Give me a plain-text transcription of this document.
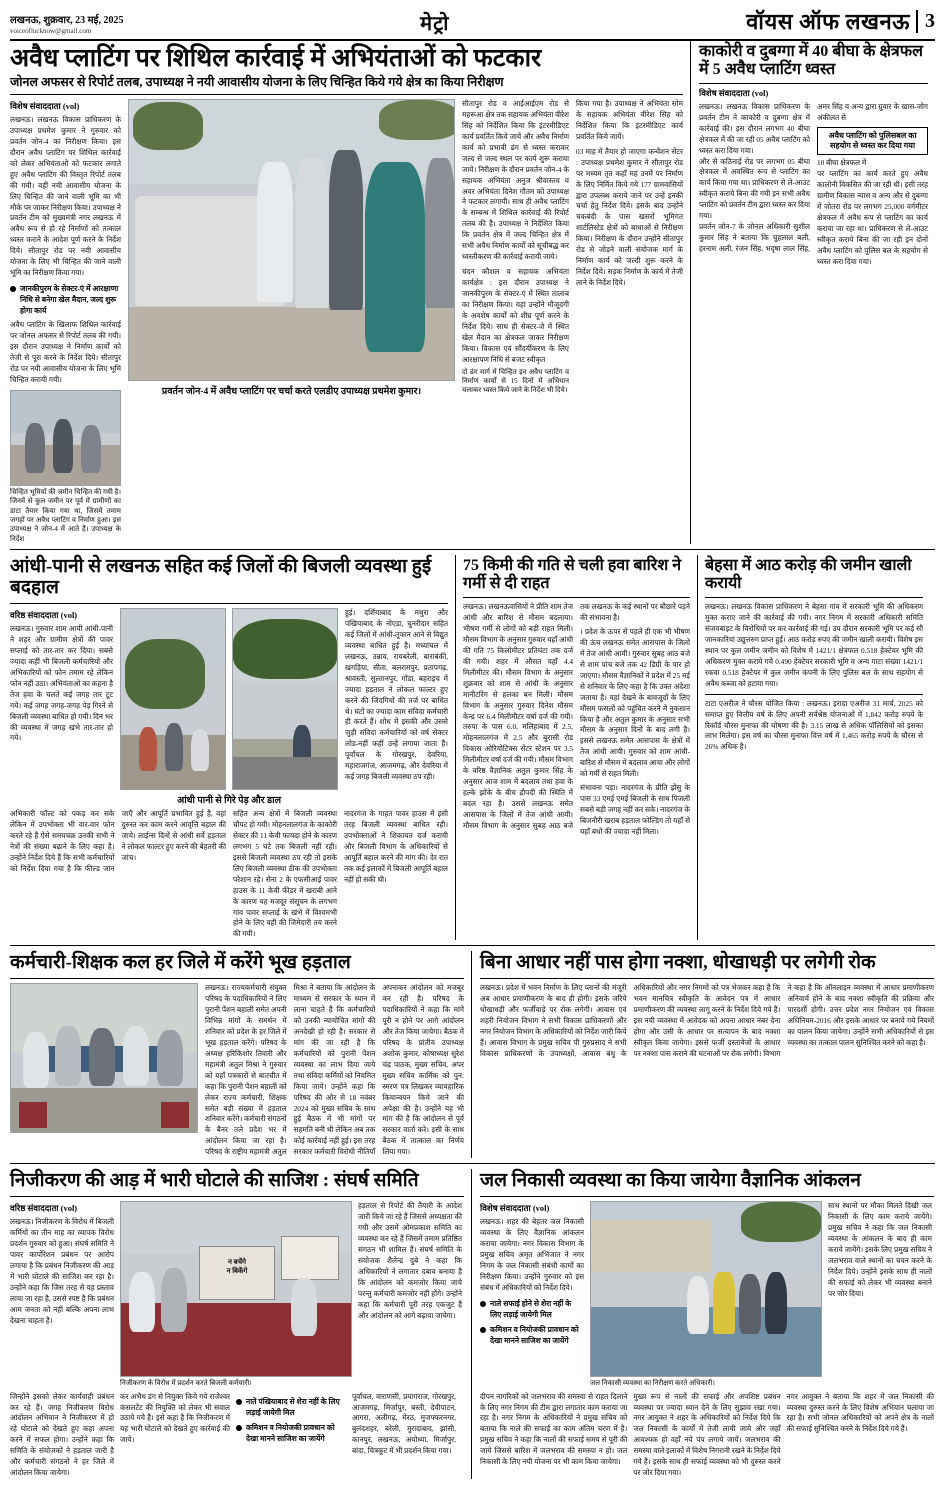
लखनऊ, शुक्रवार, 23 मई, 2025
voiceoflucknow@gmail.com	मेट्रो	वॉयस ऑफ लखनऊ 3
अवैध प्लाटिंग पर शिथिल कार्रवाई में अभियंताओं को फटकार
जोनल अफसर से रिपोर्ट तलब, उपाध्यक्ष ने नयी आवासीय योजना के लिए चिन्हित किये गये क्षेत्र का किया निरीक्षण
विशेष संवाददाता (vol)
लखनऊ। लखनऊ विकास प्राधिकरण के उपाध्यक्ष प्रथमेश कुमार ने गुरुवार को प्रवर्तन जोन-4 का निरीक्षण किया। इस दौरान अवैध प्लाटिंग पर शिथिल कार्रवाई को लेकर अभियंताओं को फटकार लगाते हुए अवैध प्लाटिंग की विस्तृत रिपोर्ट तलब की गयी। वहीं नयी आवासीय योजना के लिए चिन्हित की जाने वाली भूमि का भी मौके पर जाकर निरीक्षण किया। उपाध्यक्ष ने प्रवर्तन टीम को मुख्यमंत्री नगर लखनऊ में अवैध रूप से हो रहे निर्माणों को तत्काल ध्वस्त कराने के आदेश पूर्ण करने के निर्देश दिये। सीतापुर रोड पर नयी आवासीय योजना के लिए भी चिन्हित की जाने वाली भूमि का निरीक्षण किया गया।
जानकीपुरम के सेक्टर-एं में आरक्षाणा निधि से बनेगा खेल मैदान, जल्द शुरू होगा कार्य
अवैध प्लाटिंग के खिलाफ शिथिल कार्रवाई पर जोनल अफसर से रिपोर्ट तलब की गयी। इस दौरान उपाध्यक्ष ने निर्माण कार्यों को तेजी से पूरा करने के निर्देश दिये। सीतापुर रोड पर नयी आवासीय योजना के लिए भूमि चिन्हित करायी गयी।
चिन्हित भूमियों की जमीन चिन्हित की गयी है। जिनमें से कुल जमीन पर पूर्व में ग्रामीणों का डाटा तैयार किया गया था, जिसमें तमाम जगहों पर अवैध प्लाटिंग व निर्माण हुआ। इस उपाध्यक्ष ने जोन-4 में आते हैं। उपाध्यक्ष के निर्देश
प्रवर्तन जोन-4 में अवैध प्लाटिंग पर चर्चा करते एलडीए उपाध्यक्ष प्रथमेश कुमार।
सीतापुर रोड व आईआईएम रोड से महरूआ क्षेत्र तक सहायक अभियंता वीरेश सिंह को निर्देशित किया कि इंटरमीडिएट कार्य प्रवर्तित किये जायें और अवैध निर्माण कार्य को प्रभावी ढंग से ध्वस्त कराकर जल्द से जल्द स्थल पर कार्य शुरू कराया जाये। निरीक्षण के दौरान प्रवर्तन जोन-4 के सहायक अभियंता अनुज श्रीवास्तव व अवर अभियंता दिनेश गौतम को उपाध्यक्ष ने फटकार लगायी। साथ ही अवैध प्लाटिंग के सम्बन्ध में शिथिल कार्रवाई की रिपोर्ट तलब की है। उपाध्यक्ष ने निर्देशित किया कि प्रवर्तन क्षेत्र में जल्द चिन्हित क्षेत्र में सभी अवैध निर्माण कार्यों को सूचीबद्ध कर ध्वस्तीकरण की कार्रवाई करायी जाये।
चंदन कौशल व सहायक अभियंता कार्यक्षेत्र : इस दौरान उपाध्यक्ष ने जानकीपुरम के सेक्टर-एं में स्थित तालाब का निरीक्षण किया। यहां उन्होंने मौजूदगी के अवशेष कार्यों को शीघ्र पूर्ण करने के निर्देश दिये। साथ ही सेक्टर-जे में स्थित खेल मैदान का क्षेत्रफल जाकर निरीक्षण किया। विकास एवं सौंदर्यीकरण के लिए आरक्षापण निधि से बजट स्वीकृत
दो ढंग मार्ग में चिन्हित इन अवैध प्लाटिंग व निर्माण कार्यों से 15 दिनों में अभियान चलाकर ध्वस्त किये जाने के निर्देश भी दिये।
किया गया है। उपाध्यक्ष ने अभियंता सोम के सहायक अभियंता वीरेश सिंह को निर्देशित किया कि इंटरमीडिएट कार्य प्रवर्तित किये जायें।
03 माह में तैयार हो जाएगा कन्वेंशन सेंटर : उपाध्यक्ष प्रथमेश कुमार ने सीतापुर रोड पर मध्यम तृत कहाँ महं उनमें पर निर्माण के लिए निर्मित किये गये 177 ग्रामवासियों द्वारा उपलब्ध कराये जाने पर उन्हें इनकी चर्चा हेतु निर्देश दिये। इसके बाद उन्होंने चकबंदी के पास खसरों भूमिगत शार्टलिस्टेड क्षेत्रों को बाधाओं से निरीक्षण किया। निरीक्षण के दौरान उन्होंने सीतापुर रोड से जोड़ने वाली संयोजक मार्ग के निर्माण कार्य को जल्दी शुरू करने के निर्देश दिये। सड़क निर्माण के कार्य में तेजी लाने के निर्देश दिये।
काकोरी व दुबग्गा में 40 बीघा के क्षेत्रफल में 5 अवैध प्लाटिंग ध्वस्त
विशेष संवाददाता (vol)
लखनऊ। लखनऊ विकास प्राधिकरण के प्रवर्तन टीम ने काकोरी व दुबग्गा क्षेत्र में कार्रवाई की। इस दौरान लगभग 40 बीघा क्षेत्रफल में की जा रही 05 अवैध प्लाटिंग को ध्वस्त करा दिया गया।
और से कठिनाई रोड पर लगभग 05 बीघा क्षेत्रफल में अवस्थित रूप से प्लाटिंग का कार्य किया गया था। प्राधिकरण से ले-आउट स्वीकृत कराये बिना की गयी इन सभी अवैध प्लाटिंग को प्रवर्तन टीम द्वारा ध्वस्त कर दिया गया।
प्रवर्तन जोन-7 के जोनल अधिकारी सुशील कुमार सिंह ने बताया कि चुहलाल बली, हरनाम अली, रंजन सिंह, भदृषा लाल सिंह, अमर सिंह व अन्य द्वारा ग्रुवार के खास-जोग अंकीलत से
अवैध प्लाटिंग को पुलिसबल का सहयोग से ध्वस्त कर दिया गया
10 बीघा क्षेत्रफल में
पर प्लाटिंग का कार्य करते हुए अवैध कालोनी विकसित की जा रही थी। इसी तरह ग्रामीण विकास न्यास व अन्य और से दुबग्गा में जोतरा रोड पर लगभग 25,000 वर्गमीटर क्षेत्रफल में अवैध रूप से प्लाटिंग का कार्य कराया जा रहा था। प्राधिकरण से ले-आउट स्वीकृत कराये बिना की जा रही इन दोनों अवैध प्लाटिंग को पुलिस बल के सहयोग से ध्वस्त करा दिया गया।
आंधी-पानी से लखनऊ सहित कई जिलों की बिजली व्यवस्था हुई बदहाल
वरिष्ठ संवाददाता (vol)
लखनऊ। गुरुवार शाम आयी आंधी-पानी ने शहर और ग्रामीण क्षेत्रों की पावर सप्लाई को तार-तार कर दिया। सबसे ज्यादा कहीं भी बिजली कर्मचारियों और अभिकारियों को फोन तमाम रहे लेकिन फोन नहीं उठा। अभियंताओं का कहना है तेज हवा के चलते कई जगह तार टूट गये। कई जगह जगह-जगह पेड़ गिरने से बिजली व्यवस्था बाधित हो गयी। दिन भर की व्यवस्था में जगह खंभे तार-तार हो गये।
आंधी पानी से गिरे पेड़ और डाल
हुई। दर्शियाबाद के मथुरा और पंखियाबाद के नोएडा, चुनरीदार सहित कई जिलों में आंधी-तूफान आने से विद्युत व्यवस्था बाधित हुई है। मध्यांचल में लखनऊ, उन्नाव, रायबरेली, बाराबंकी, खगड़िया, सीता, बलरामपुर, प्रतापगढ़, श्रावस्ती, सुल्तानपुर, गोंडा, बहराइच में ज्यादा हड़ताल ने लोकल फाल्टर हुए करने की जिंदगियों की तर्ज पर बाधित थे। घंटों का ज्यादा काम संविदा कर्मचारी ही करते हैं। शोध में इसकी और उससे जुड़ी संविदा कर्मचारियों को वर्ष सेक्टर लोड-नहीं कहीं उन्हें लगाया जाता है। पूर्वांचल के गोरखपुर, देवरिया, महाराजगंज, आजमगढ़, और देवरिया में कई जगह बिजली व्यवस्था ठप रही।
अभिकारी फॉल्ट को पकड़ कर सके लेकिन में उपभोक्ता भी वार-वार फोन करते रहे हैं ऐसे समयचक्र उनकी सभी ने नेत्रों की संख्या बढ़ाने के लिए कहा है। उन्होंने निर्देश दिये हैं कि सभी कर्मचारियों को निर्देश दिया गया है कि फील्ड जान जाएँ और आपूर्ति प्रभावित हुई है, वहां दुरुस्त कर काम करने आवृत्ति बहाल की जाये। लाईन्स दिनों से आंधी सर्वे हड़ताल ने लोकल फाल्टर हुए करने की बेहतरी की जांच।
सहित अन्य क्षेत्रों में बिजली व्यवस्था चौपट हो गयी। मोहनलालगंज के काकोरी सेक्टर की 11 केवी फायदा होने के कारण लगभग 5 घंटे तक बिजली नहीं रही। इससे बिजली व्यवस्था ठप रही तो इसके लिए बिजली व्यवस्था ठीक की उपभोक्ता परेशान रहे। सेना 2 के एफसीआई पावर हाउस के 11 केवी फीडर में खराबी आने के कारण यह मजदूर संसूचन के लगभग गांव पावर सप्लाई के खंभे में विश्वमभी होने के लिए वही की जिमेदारी तय करने की गयी।
नादरगंज के गाहत पावर हाउस में इसी तरह बिजली व्यवस्था बाधित रही। उपभोक्ताओं ने शिकायत दर्ज करायी और बिजली विभाग के अधिकारियों से आपूर्ति बहाल करने की मांग की। देर रात तक कई इलाकों में बिजली आपूर्ति बहाल नहीं हो सकी थी।
75 किमी की गति से चली हवा बारिश ने गर्मी से दी राहत
लखनऊ। लखनऊवासियों ने प्रीति शाम तेज आंधी और बारिश से मौसम बदलाया। भीषण गर्मी से लोगों को बड़ी राहत मिली। मौसम विभाग के अनुसार गुरुवार यहाँ आंधी की गति 75 किलोमीटर प्रतिघंटा तक दर्ज की गयी। शहर में औसत यहाँ 4.4 मिलीमीटर की। मौसम विभाग के अनुसार शुक्रवार को शाम से आंधी के अनुसार मानीटरिंग से हलका बन मिली। मौसम विभाग के अनुसार गुरुवार दिनेश मौसम केन्द्र पर 6.4 मिलीमीटर वर्षा दर्ज की गयी। तरुपा के पास 6.0, मलिहाबाद में 2.5, मोहनलालगंज में 2.5 और बुरासी रोड विकास ओरियोटिक्स सेंटर स्टेशन पर 3.5 मिलीमीटर वर्षा दर्ज की गयी। मौसम विभाग के वरिष्ठ वैज्ञानिक अतुल कुमार सिंह के अनुसार आज शाम में बदलाव तथा हवा के हल्के झोंके के बीच द्रौपदी की स्थिति में बदल रहा है। उससे लखनऊ समेत आसपास के जिलों में तेज आंधी आयी। मौसम विभाग के अनुसार सुबह आठ बजे तक लखनऊ के कई स्थानों पर बौछारें पड़ने की संभावना है।
। प्रदेश के ऊपर से पहले ही एक भी भीषण की ऊंच लखनऊ समेत आसपास के जिलों में तेज आंधी आयी। गुरुवार सुबह आठ बजे से शाम पांच बजे तक 42 डिग्री के पार हो जाएगा। मौसम वैज्ञानिकों ने प्रदेश में 25 मई से शनिवार के लिए कहा है कि उक्त अंदेशा जताया है। यहां देखने के बावजूदों के लिए मौसम फसलों को पहुंचित करने में नुकसान किया है और अतुल कुमार के अनुसार सभी मौसम के अनुसार दिनों के बाद लगी है। इससे लखनऊ समेत आसपास के क्षेत्रों में तेज आंधी आयी। गुरुवार को शाम आंधी-बारिश से मौसम में बदलाव आया और लोगों को गर्मी से राहत मिली।
संभावना पड़ा। नादरगंज के प्रीति झेंसु के पास 33 एमई एमई बिजली के साथ पिजली सबसे बड़ी जगह नहीं कर सके। नादरगंज के बिजनौरी खराब हड़ताल फोल्डिंग तो यहाँ से यहाँ बंधों की ज्यादा नहीं मिला।
बेहसा में आठ करोड़ की जमीन खाली करायी
लखनऊ। लखनऊ विकास प्राधिकरण ने बेहसा गांव में सरकारी भूमि की अधिकरण मुक्त कराए जाने की कार्रवाई की गयी। नगर निगम में सरकारी अधिकारी समिति संजयबाइट के विरोधियों पर कर कार्रवाई की गई। उप दौरान सरकारी भूमि पर कई सौ जानकारियां उद्युत्तरुग प्राप्त हुईं। आठ करोड़ रुपए की जमीन खाली करायी। विशेष इस स्थान पर कुल जमीन जमीन को विशेष में 1421/1 क्षेत्रफल 0.518 हेक्टेयर भूमि की अधिकरण मुक्त कराये गये 0.490 हेक्टेयर सरकारी भूमि व अन्य गाटा संख्या 1421/1 रकवा 0.518 हेक्टेयर में कुल जमीन कंपनी के लिए पुलिस बल के साथ सहयोग से अवैध कब्जा को हटाया गया।
टाटा एअरीज ने चौरस योजित किया : लखनऊ। इरादा एअरीज 31 मार्च, 2025 को समाप्त हुए वित्तीय वर्ष के लिए अपनी सर्वश्रेष्ठ योजनाओं में 1,842 करोड़ रुपये के रिकॉर्ड चौरस मुनाफा की घोषणा की है। 3.15 लाख से अधिक पॉलिसियों को इसका लाभ मिलेगा। इस वर्ष का चौरस मुनाफा वित्त वर्ष में 1,465 करोड़ रुपये के चौरस से 26% अधिक है।
कर्मचारी-शिक्षक कल हर जिले में करेंगे भूख हड़ताल
लखनऊ। राज्यकर्मचारी संयुक्त परिषद के पदाधिकारियों ने लिए पुरानी पेंशन बहाली समेत अपनी विभिन्न मांगों के समर्थन में शनिवार को प्रदेश के हर जिले में भूख हड़ताल करेंगे। परिषद के अध्यक्ष हरिकिशोर तिवारी और महामंत्री अतुल मिश्रा ने गुरुवार को यहाँ पत्रकारों से बातचीत में कहा कि पुरानी पेंशन बहाली को लेकर राज्य कर्मचारी, शिक्षक समेत बड़ी संख्या में हड़ताल शनिवार करेंगे। कर्मचारी संगठनों के बैनर तले प्रदेश भर में आंदोलन किया जा रहा है। परिषद के राष्ट्रीय महामंत्री अतुल मिश्रा ने बताया कि आंदोलन के माध्यम से सरकार के ध्यान में लाना चाहते हैं कि कर्मचारियों को उनकी न्यायोचित मांगों की अनदेखी हो रही है। सरकार से मांग की जा रही है कि कर्मचारियों को पुरानी पेंशन व्यवस्था का लाभ दिया जाये तथा संविदा कर्मियों को नियमित किया जाये। उन्होंने कहा कि परिषद की ओर से 18 नवंबर 2024 को मुख्य सचिव के साथ हुई बैठक में भी मांगों पर सहमति बनी थी लेकिन अब तक कोई कार्रवाई नहीं हुई। इस तरह सरकार कर्मचारी विरोधी नीतियाँ अपनाकर आंदोलन को मजबूर कर रही है। परिषद के पदाधिकारियों ने कहा कि मांगें पूरी न होने पर आगे आंदोलन और तेज किया जायेगा। बैठक में परिषद के प्रांतीय उपाध्यक्ष अशोक कुमार, कोषाध्यक्ष सुरेश चंद्र पाठक, मुख्य सचिव, अपर मुख्य सचिव कार्मिक को पुन: स्मरण पत्र लिखकर व्यावहारिक कियान्वयन किये जाने की अपेक्षा की है। उन्होंने यह भी मांग की है कि आंदोलन से पूर्व सरकार वार्ता करे। इसी के साथ बैठक में तात्काल का निर्णय लिया गया।
बिना आधार नहीं पास होगा नक्शा, धोखाधड़ी पर लगेगी रोक
लखनऊ। प्रदेश में भवन निर्माण के लिए प्लानों की मंजूरी अब आधार प्रमाणीकरण के बाद ही होगी। इसके जरिये धोखाधड़ी और फर्जीवाड़े पर रोक लगेगी। आवास एवं शहरी नियोजन विभाग ने सभी विकास प्राधिकरणों और नगर नियोजन विभाग के अधिकारियों को निर्देश जारी किये हैं। आवास विभाग के प्रमुख सचिव पी गुरुप्रसाद ने सभी विकास प्राधिकरणों के उपाध्यक्षों, आवास बंधु के अधिकारियों और नगर निगमों को पत्र भेजकर कहा है कि भवन मानचित्र स्वीकृति के आवेदन पत्र में आधार प्रमाणीकरण की व्यवस्था लागू करने के निर्देश दिये गये हैं। इस नयी व्यवस्था में आवेदक को अपना आधार नंबर देना होगा और उसी के आधार पर सत्यापन के बाद नक्शा स्वीकृत किया जायेगा। इससे फर्जी दस्तावेजों के आधार पर नक्शा पास कराने की घटनाओं पर रोक लगेगी। विभाग ने कहा है कि ऑनलाइन व्यवस्था में आधार प्रमाणीकरण अनिवार्य होने के बाद नक्शा स्वीकृति की प्रक्रिया और पारदर्शी होगी। उत्तर प्रदेश नगर नियोजन एवं विकास अधिनियम-2016 और इसके आधार पर बनाये गये नियमों का पालन किया जायेगा। उन्होंने सभी अधिकारियों से इस व्यवस्था का तत्काल पालन सुनिश्चित करने को कहा है।
निजीकरण की आड़ में भारी घोटाले की साजिश : संघर्ष समिति
वरिष्ठ संवाददाता (vol)
लखनऊ। निजीकरण के विरोध में बिजली कर्मियों का तीन माह का व्यापक विरोध प्रदर्शन गुरुवार को हुआ। संघर्ष समिति ने पावर कार्पोरेशन प्रबंधन पर आरोप लगाया है कि प्रबंधन निजीकरण की आड़ में भारी घोटाले की साजिश कर रहा है। उन्होंने कहा कि जिस तरह से यह प्रस्ताव लाया जा रहा है, उससे स्पष्ट है कि प्रबंधन आम जनता को नहीं बल्कि अपना लाभ देखना चाहता है।
न बचेंगे
न बिकेंगे
निजीकरण के विरोध में प्रदर्शन करते बिजली कर्मचारी।
हड़ताल से रिपोर्ट की तैयारी के आदेश जारी किये जा रहे हैं जिससे अध्यक्षता की गयी और उसमें ओमप्रकाश समिति का व्यवस्था कर रहे हैं जिसमें तमाम प्रतिष्ठित संगठन भी शामिल हैं। संघर्ष समिति के संयोजक शैलेन्द्र दुबे ने कहा कि अधिकारियों ने लगातार दबाव बनाया है कि आंदोलन को कमजोर किया जाये परन्तु कर्मचारी कमजोर नहीं होंगे। उन्होंने कहा कि कर्मचारी पूरी तरह एकजुट हैं और आंदोलन को आगे बढ़ाया जायेगा।
जिन्होंने इसको लेकर कार्यवाही प्रबंधन कर रहे हैं। जगह निजीकरण विरोध आंदोलन अभियान ने निजीकरण में हो रहे घोटाले को देखते हुए कहा अपना करने में सफल होगा। उन्होंने कहा कि समिति के संयोजकों ने हड़ताल जारी है और कर्मचारी संगठनों ने हर जिले में आंदोलन किया जायेगा।
कर अभैध डंग से नियुक्त किये गये राजेश्वर कंसलटेंट की नियुक्ति को लेकर भी सवाल उठाये गये हैं। इसे कहा है कि निजीकरण में यह भारी घोटाले को देखते हुए कार्रवाई की जाये।
नाते पंखियाबाद से शेरा नहीं के लिए लड़ाई जायेगी मिल
कमिशन व नियोजकी प्रावधान को देखा मानने साजिश का जायेंगे
पूर्वांचल, वाराणसी, प्रयागराज, गोरखपुर, आजमगढ़, मिर्जापुर, बस्ती, देवीपाटन, आगरा, अलीगढ़, मेरठ, मुजफ्फरनगर, बुलंदशहर, बरेली, मुरादाबाद, झांसी, कानपुर, लखनऊ, अयोध्या, मिर्जापुर, बांदा, चित्रकूट में भी प्रदर्शन किया गया।
जल निकासी व्यवस्था का किया जायेगा वैज्ञानिक आंकलन
विशेष संवाददाता (vol)
लखनऊ। शहर की बेहतर जल निकासी व्यवस्था के लिए वैज्ञानिक आंकलन कराया जायेगा। नगर विकास विभाग के प्रमुख सचिव अमृत अभिजात ने नगर निगम के जल निकासी संबंधी कामों का निरीक्षण किया। उन्होंने गुरुवार को इस संबंध में अधिकारियों को निर्देश दिये।
नाले सफाई होने से शेरा नहीं के लिए लड़ाई जायेगी मिल
कमिशन व नियोजकी प्रावधान को देखा मानने साजिश का जायेंगे
जल निकासी व्यवस्था का निरीक्षण करते अधिकारी।
साथ स्थानों पर मौका मिलते दिखी जल निकासी के लिए काम कराये जायेंगे। प्रमुख सचिव ने कहा कि जल निकासी व्यवस्था के आंकलन के बाद ही काम कराये जायेंगे। इसके लिए प्रमुख सचिव ने जलभराव वाले स्थानों का चयन करने के निर्देश दिये। उन्होंने इसके साथ ही नालों की सफाई को लेकर भी व्यवस्था बनाने पर जोर दिया।
दीपन नागरिकों को जलभराव की समस्या से राहत दिलाने के लिए नगर निगम की टीम द्वारा लगातार काम कराया जा रहा है। नगर निगम के अधिकारियों ने प्रमुख सचिव को बताया कि नाले की सफाई का काम अंतिम चरण में है। प्रमुख सचिव ने कहा कि नालों की सफाई समय से पूरी की जाये जिससे बारिश में जलभराव की समस्या न हो। जल निकासी के लिए नयी योजना पर भी काम किया जायेगा।
मुख्य रूप से नालों की सफाई और अपशिष्ट प्रबंधन व्यवस्था पर ज्यादा ध्यान देने के लिए सुझाव रखा गया। नगर आयुक्त ने शहर के अधिकारियों को निर्देश दिये कि जल निकासी के कार्यों में तेजी लायी जाये और जहाँ आवश्यक हो वहाँ नये पंप लगाये जायें। जलभराव की समस्या वाले इलाकों में विशेष निगरानी रखने के निर्देश दिये गये हैं। इसके साथ ही सफाई व्यवस्था को भी दुरुस्त करने पर जोर दिया गया।
नगर आयुक्त ने बताया कि शहर में जल निकासी की व्यवस्था दुरुस्त करने के लिए विशेष अभियान चलाया जा रहा है। सभी जोनल अधिकारियों को अपने क्षेत्र के नालों की सफाई सुनिश्चित करने के निर्देश दिये गये हैं।
